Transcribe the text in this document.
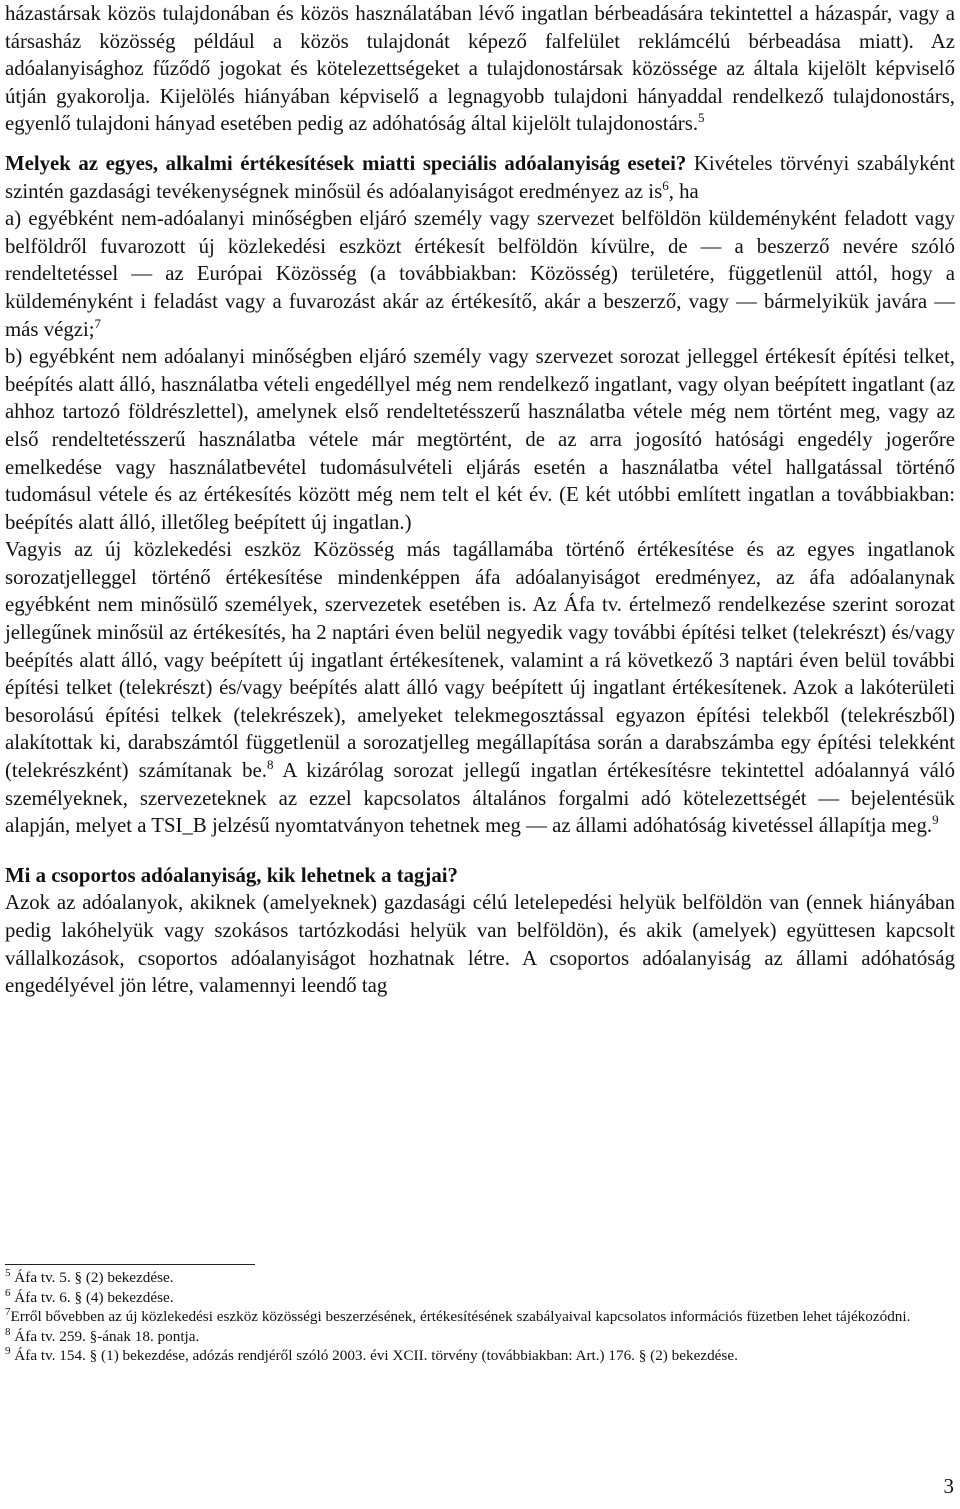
házastársak közös tulajdonában és közös használatában lévő ingatlan bérbeadására tekintettel a házaspár, vagy a társasház közösség például a közös tulajdonát képező falfelület reklámcélú bérbeadása miatt). Az adóalanyisághoz fűződő jogokat és kötelezettségeket a tulajdonostársak közössége az általa kijelölt képviselő útján gyakorolja. Kijelölés hiányában képviselő a legnagyobb tulajdoni hányaddal rendelkező tulajdonostárs, egyenlő tulajdoni hányad esetében pedig az adóhatóság által kijelölt tulajdonostárs.$^5$

Melyek az egyes, alkalmi értékesítések miatti speciális adóalanyiság esetei? Kivételes törvényi szabályként szintén gazdasági tevékenységnek minősül és adóalanyiságot eredményez az $is^6$, ha

a) egyébként nem-adóalanyi minőségben eljáró személy vagy szervezet belföldön küldeményként feladott vagy belföldről fuvarozott új közlekedési eszközt értékesít belföldön kívülre, de — a beszerző nevére szóló rendeltetéssel — az Európai Közösség (a továbbiakban: Közösség) területére, függetlenül attól, hogy a küldeményként i feladást vagy a fuvarozást akár az értékesítő, akár a beszerző, vagy — bármelyikük javára — más végzi;$^7$

b) egyébként nem adóalanyi minőségben eljáró személy vagy szervezet sorozat jelleggel értékesít építési telket, beépítés alatt álló, használatba vételi engedéllyel még nem rendelkező ingatlant, vagy olyan beépített ingatlant (az ahhoz tartozó földrészlettel), amelynek első rendeltetésszerű használatba vétele még nem történt meg, vagy az első rendeltetésszerű használatba vétele már megtörtént, de az arra jogosító hatósági engedély jogerőre emelkedése vagy használatbevétel tudomásulvételi eljárás esetén a használatba vétel hallgatással történő tudomásul vétele és az értékesítés között még nem telt el két év. (E két utóbbi említett ingatlan a továbbiakban: beépítés alatt álló, illetőleg beépített új ingatlan.)

Vagyis az új közlekedési eszköz Közösség más tagállamába történő értékesítése és az egyes ingatlanok sorozatjelleggel történő értékesítése mindenképpen áfa adóalanyiságot eredményez, az áfa adóalanynak egyébként nem minősülő személyek, szervezetek esetében is. Az Áfa tv. értelmező rendelkezése szerint sorozat jellegűnek minősül az értékesítés, ha 2 naptári éven belül negyedik vagy további építési telket (telekrészt) és/vagy beépítés alatt álló, vagy beépített új ingatlant értékesítenek, valamint a rá következő 3 naptári éven belül további építési telket (telekrészt) és/vagy beépítés alatt álló vagy beépített új ingatlant értékesítenek. Azok a lakóterületi besorolású építési telkek (telekrészek), amelyeket telekmegosztással egyazon építési telekből (telekrészből) alakítottak ki, darabszámtól függetlenül a sorozatjelleg megállapítása során a darabszámba egy építési telekként (telekrészként) számítanak be.$^8$ A kizárólag sorozat jellegű ingatlan értékesítésre tekintettel adóalannyá váló személyeknek, szervezeteknek az ezzel kapcsolatos általános forgalmi adó kötelezettségét — bejelentésük alapján, melyet a TSI_B jelzésű nyomtatványon tehetnek meg — az állami adóhatóság kivetéssel állapítja meg.$^9$

Mi a csoportos adóalanyiság, kik lehetnek a tagjai?

Azok az adóalanyok, akiknek (amelyeknek) gazdasági célú letelepedési helyük belföldön van (ennek hiányában pedig lakóhelyük vagy szokásos tartózkodási helyük van belföldön), és akik (amelyek) együttesen kapcsolt vállalkozások, csoportos adóalanyiságot hozhatnak létre. A csoportos adóalanyiság az állami adóhatóság engedélyével jön létre, valamennyi leendő tag

$^5$ Áfa tv. 5. § (2) bekezdése.

$^6$ Áfa tv. 6. § (4) bekezdése.

$^7$Erről bővebben az új közlekedési eszköz közösségi beszerzésének, értékesítésének szabályaival kapcsolatos információs füzetben lehet tájékozódni.

$^8$ Áfa tv. 259. §-ának 18. pontja.

$^9$ Áfa tv. 154. § (1) bekezdése, adózás rendjéről szóló 2003. évi XCII. törvény (továbbiakban: Art.) 176. § (2) bekezdése.

3
